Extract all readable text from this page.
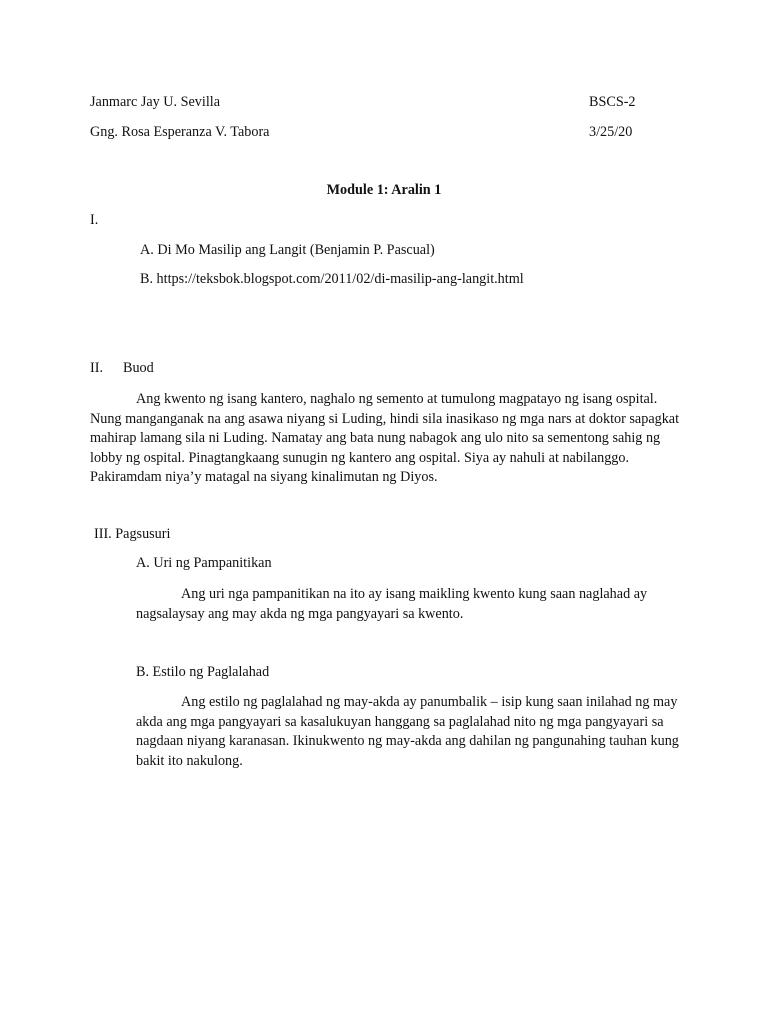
Janmarc Jay U. Sevilla	BSCS-2
Gng. Rosa Esperanza V. Tabora	3/25/20
Module 1: Aralin 1
I.
A. Di Mo Masilip ang Langit (Benjamin P. Pascual)
B. https://teksbok.blogspot.com/2011/02/di-masilip-ang-langit.html
II. Buod
Ang kwento ng isang kantero, naghalo ng semento at tumulong magpatayo ng isang ospital. Nung manganganak na ang asawa niyang si Luding, hindi sila inasikaso ng mga nars at doktor sapagkat mahirap lamang sila ni Luding. Namatay ang bata nung nabagok ang ulo nito sa sementong sahig ng lobby ng ospital. Pinagtangkaang sunugin ng kantero ang ospital. Siya ay nahuli at nabilanggo. Pakiramdam niya’y matagal na siyang kinalimutan ng Diyos.
III. Pagsusuri
A. Uri ng Pampanitikan
Ang uri nga pampanitikan na ito ay isang maikling kwento kung saan naglahad ay nagsalaysay ang may akda ng mga pangyayari sa kwento.
B. Estilo ng Paglalahad
Ang estilo ng paglalahad ng may-akda ay panumbalik – isip kung saan inilahad ng may akda ang mga pangyayari sa kasalukuyan hanggang sa paglalahad nito ng mga pangyayari sa nagdaan niyang karanasan. Ikinukwento ng may-akda ang dahilan ng pangunahing tauhan kung bakit ito nakulong.
